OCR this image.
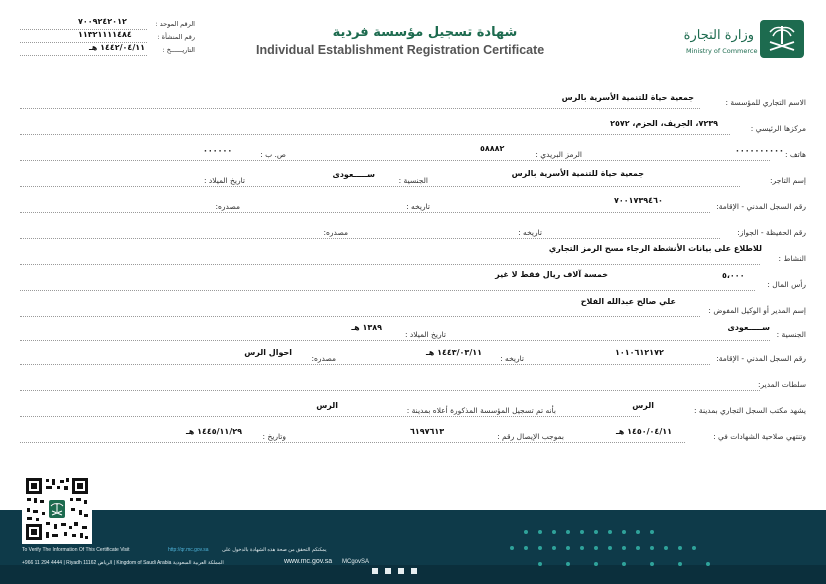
وزارة التجارة
Ministry of Commerce
شهادة تسجيل مؤسسة فردية
Individual Establishment Registration Certificate
الرقم الموحد :
٧٠٠٩٢٤٢٠١٢
رقم المنشأة :
١١٣٢١١١١٤٨٤
التاريــــــخ :
١٤٤٢/٠٤/١١ هـ
الاسم التجاري للمؤسسة :
جمعية حياة للتنمية الأسرية بالرس
مركزها الرئيسي :
٧٢٣٩، الجريف، الحزم، ٢٥٧٢
هاتف :
٠٠٠٠٠٠٠٠٠٠
الرمز البريدي :
٥٨٨٨٢
ص. ب :
٠٠٠٠٠٠
إسم التاجر:
جمعية حياة للتنمية الأسرية بالرس
الجنسية :
ســـــعودى
تاريخ الميلاد :
رقم السجل المدني - الإقامة:
٧٠٠١٧٣٩٤٦٠
تاريخه :
مصدره:
رقم الحفيظة - الجواز:
تاريخه :
مصدره:
النشاط :
للاطلاع على بيانات الأنشطة الرجاء مسح الرمز التجاري
رأس المال :
٥،٠٠٠
خمسة آلاف ريال فقط لا غير
إسم المدير أو الوكيل المفوض :
علي صالح عبدالله الفلاح
الجنسية :
ســـــعودى
تاريخ الميلاد :
١٣٨٩ هـ
رقم السجل المدني - الإقامة:
١٠١٠٦١٢١٧٢
تاريخه :
١٤٤٣/٠٣/١١ هـ
مصدره:
احوال الرس
سلطات المدير:
يشهد مكتب السجل التجاري بمدينة :
الرس
بأنه تم تسجيل المؤسسة المذكورة أعلاه بمدينة :
الرس
وتنتهي صلاحية الشهادات في :
١٤٥٠/٠٤/١١ هـ
بموجب الإيصال رقم :
٦١٩٧٦١٣
وتاريخ :
١٤٤٥/١١/٢٩ هـ
To Verify The Information Of This Certificate Visit	http://qr.mc.gov.sa	يمكنكم التحقق من صحة هذه الشهادة بالدخول على
+966 11 294 4444 | Riyadh 11162 الرياض | Kingdom of Saudi Arabia المملكة العربية السعودية	www.mc.gov.sa MCgovSA
